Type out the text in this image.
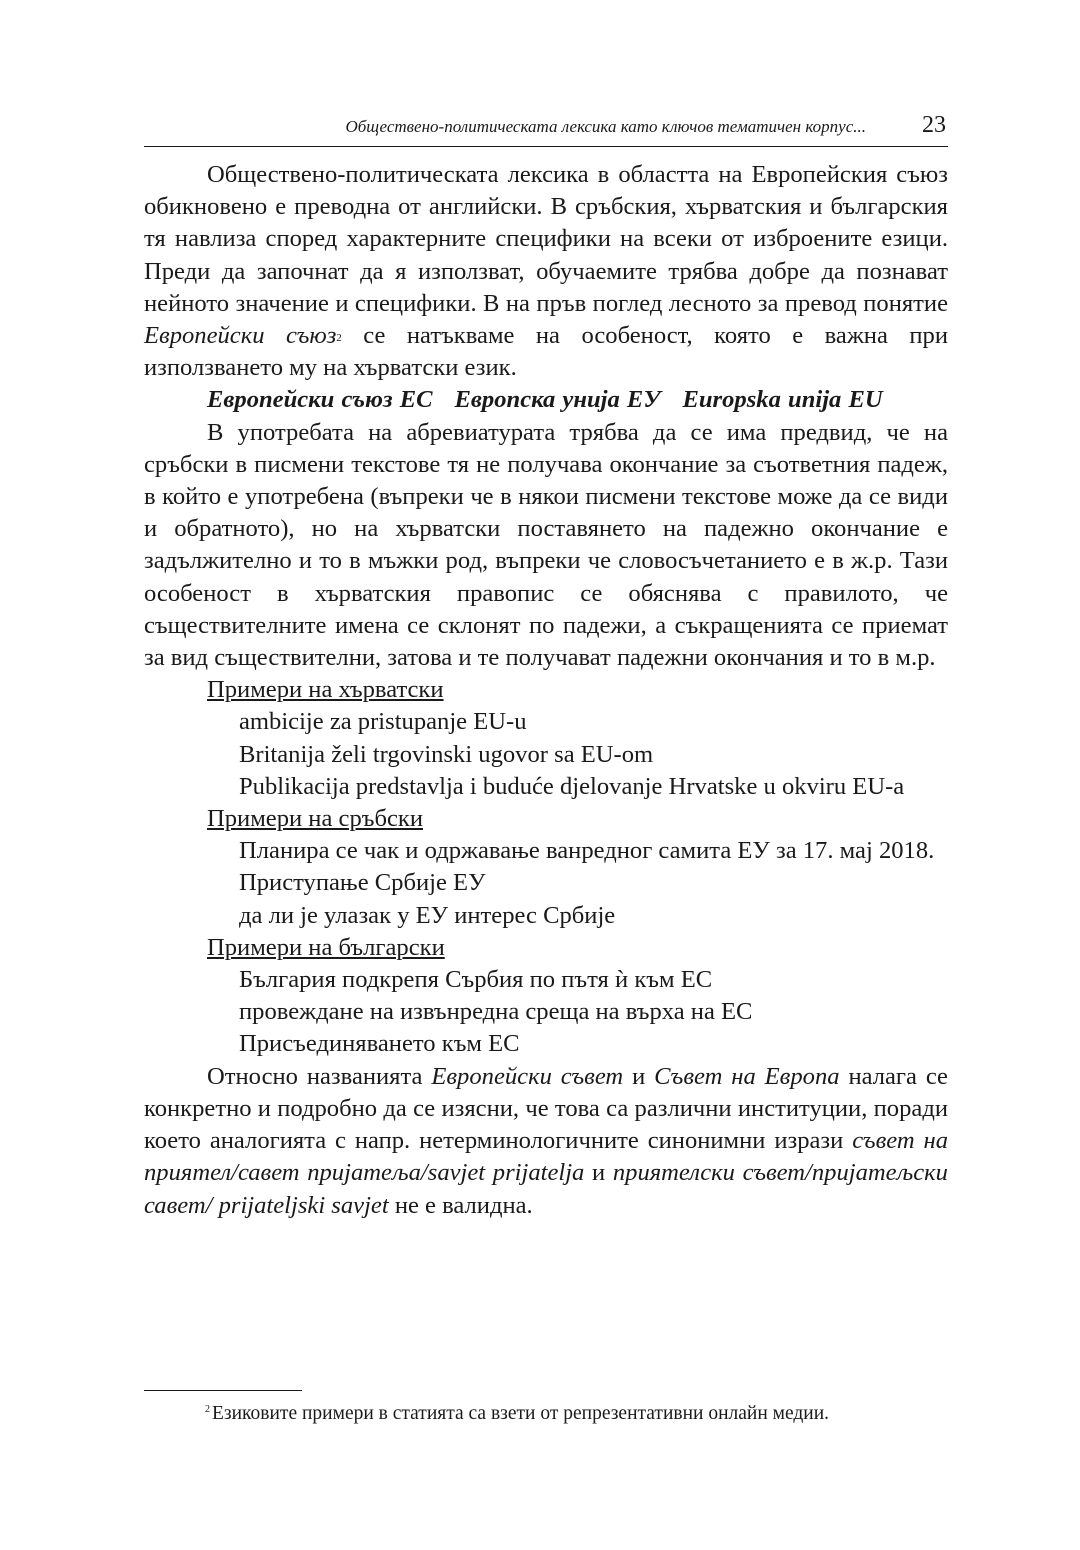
Обществено-политическата лексика като ключов тематичен корпус... 23

Обществено-политическата лексика в областта на Европейския съюз обикновено е преводна от английски. В сръбския, хърватския и българския тя навлиза според характерните специфики на всеки от изброените езици. Преди да започнат да я използват, обучаемите трябва добре да познават нейното значение и специфики. В на пръв поглед лесното за превод понятие Европейски съюз$^2$ се натъкваме на особеност, която е важна при използването му на хърватски език.

Европейски съюз ЕС Европска унија ЕУ Europska unija EU

В употребата на абревиатурата трябва да се има предвид, че на сръбски в писмени текстове тя не получава окончание за съответния падеж, в който е употребена (въпреки че в някои писмени текстове може да се види и обратното), но на хърватски поставянето на падежно окончание е задължително и то в мъжки род, въпреки че словосъчетанието е в ж.р. Тази особеност в хърватския правопис се обяснява с правилото, че съществителните имена се склонят по падежи, а съкращенията се приемат за вид съществителни, затова и те получават падежни окончания и то в м.р.

Примери на хърватски

ambicije za pristupanje EU-u

Britanija želi trgovinski ugovor sa EU-om

Publikacija predstavlja i buduće djelovanje Hrvatske u okviru EU-a

Примери на сръбски

Планира се чак и одржавање ванредног самита ЕУ за 17. мај 2018.

Приступање Србије ЕУ

да ли је улазак у ЕУ интерес Србије

Примери на български

България подкрепя Сърбия по пътя ѝ към ЕС

провеждане на извънредна среща на върха на ЕС

Присъединяването към ЕС

Относно названията Европейски съвет и Съвет на Европа налага се конкретно и подробно да се изясни, че това са различни институции, поради което аналогията с напр. нетерминологичните синонимни изрази съвет на приятел/савет пријатеља/savjet prijatelja и приятелски съвет/пријатељски савет/ prijateljski savjet не е валидна.

$^2$ Езиковите примери в статията са взети от репрезентативни онлайн медии.
